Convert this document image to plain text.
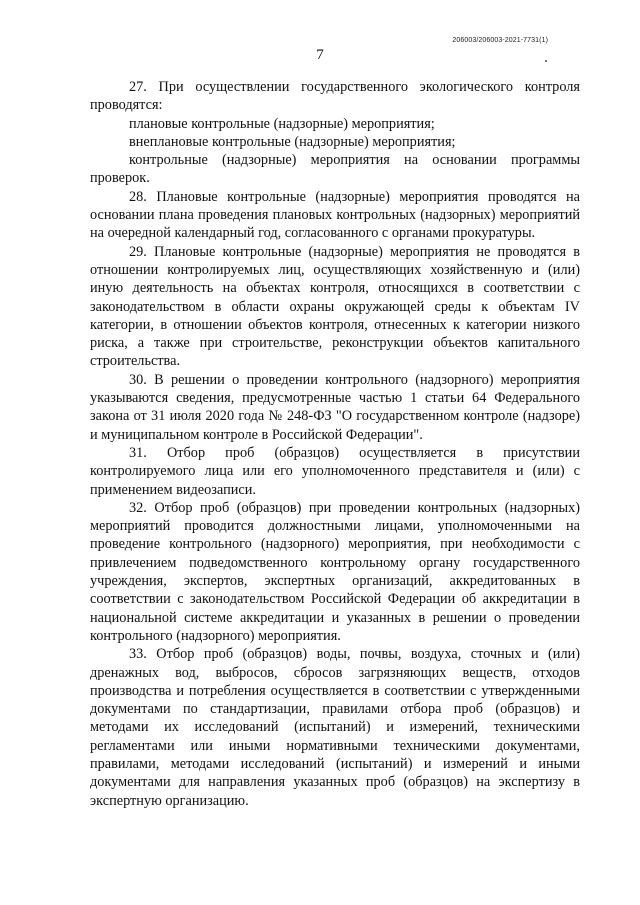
206003/206003-2021-7731(1)
7

27. При осуществлении государственного экологического контроля проводятся:

плановые контрольные (надзорные) мероприятия;

внеплановые контрольные (надзорные) мероприятия;

контрольные (надзорные) мероприятия на основании программы проверок.

28. Плановые контрольные (надзорные) мероприятия проводятся на основании плана проведения плановых контрольных (надзорных) мероприятий на очередной календарный год, согласованного с органами прокуратуры.

29. Плановые контрольные (надзорные) мероприятия не проводятся в отношении контролируемых лиц, осуществляющих хозяйственную и (или) иную деятельность на объектах контроля, относящихся в соответствии с законодательством в области охраны окружающей среды к объектам IV категории, в отношении объектов контроля, отнесенных к категории низкого риска, а также при строительстве, реконструкции объектов капитального строительства.

30. В решении о проведении контрольного (надзорного) мероприятия указываются сведения, предусмотренные частью 1 статьи 64 Федерального закона от 31 июля 2020 года № 248-ФЗ "О государственном контроле (надзоре) и муниципальном контроле в Российской Федерации".

31. Отбор проб (образцов) осуществляется в присутствии контролируемого лица или его уполномоченного представителя и (или) с применением видеозаписи.

32. Отбор проб (образцов) при проведении контрольных (надзорных) мероприятий проводится должностными лицами, уполномоченными на проведение контрольного (надзорного) мероприятия, при необходимости с привлечением подведомственного контрольному органу государственного учреждения, экспертов, экспертных организаций, аккредитованных в соответствии с законодательством Российской Федерации об аккредитации в национальной системе аккредитации и указанных в решении о проведении контрольного (надзорного) мероприятия.

33. Отбор проб (образцов) воды, почвы, воздуха, сточных и (или) дренажных вод, выбросов, сбросов загрязняющих веществ, отходов производства и потребления осуществляется в соответствии с утвержденными документами по стандартизации, правилами отбора проб (образцов) и методами их исследований (испытаний) и измерений, техническими регламентами или иными нормативными техническими документами, правилами, методами исследований (испытаний) и измерений и иными документами для направления указанных проб (образцов) на экспертизу в экспертную организацию.
